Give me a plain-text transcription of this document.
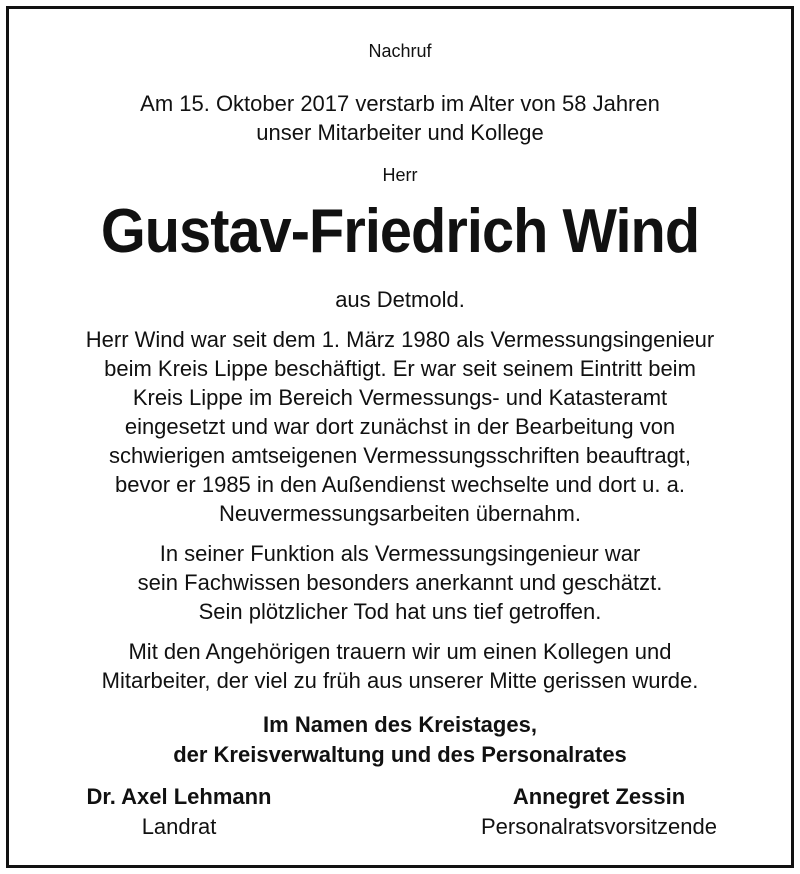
Nachruf
Am 15. Oktober 2017 verstarb im Alter von 58 Jahren
unser Mitarbeiter und Kollege
Herr
Gustav-Friedrich Wind
aus Detmold.
Herr Wind war seit dem 1. März 1980 als Vermessungsingenieur
beim Kreis Lippe beschäftigt. Er war seit seinem Eintritt beim
Kreis Lippe im Bereich Vermessungs- und Katasteramt
eingesetzt und war dort zunächst in der Bearbeitung von
schwierigen amtseigenen Vermessungsschriften beauftragt,
bevor er 1985 in den Außendienst wechselte und dort u. a.
Neuvermessungsarbeiten übernahm.
In seiner Funktion als Vermessungsingenieur war
sein Fachwissen besonders anerkannt und geschätzt.
Sein plötzlicher Tod hat uns tief getroffen.
Mit den Angehörigen trauern wir um einen Kollegen und
Mitarbeiter, der viel zu früh aus unserer Mitte gerissen wurde.
Im Namen des Kreistages,
der Kreisverwaltung und des Personalrates
Dr. Axel Lehmann
Landrat
Annegret Zessin
Personalratsvorsitzende
